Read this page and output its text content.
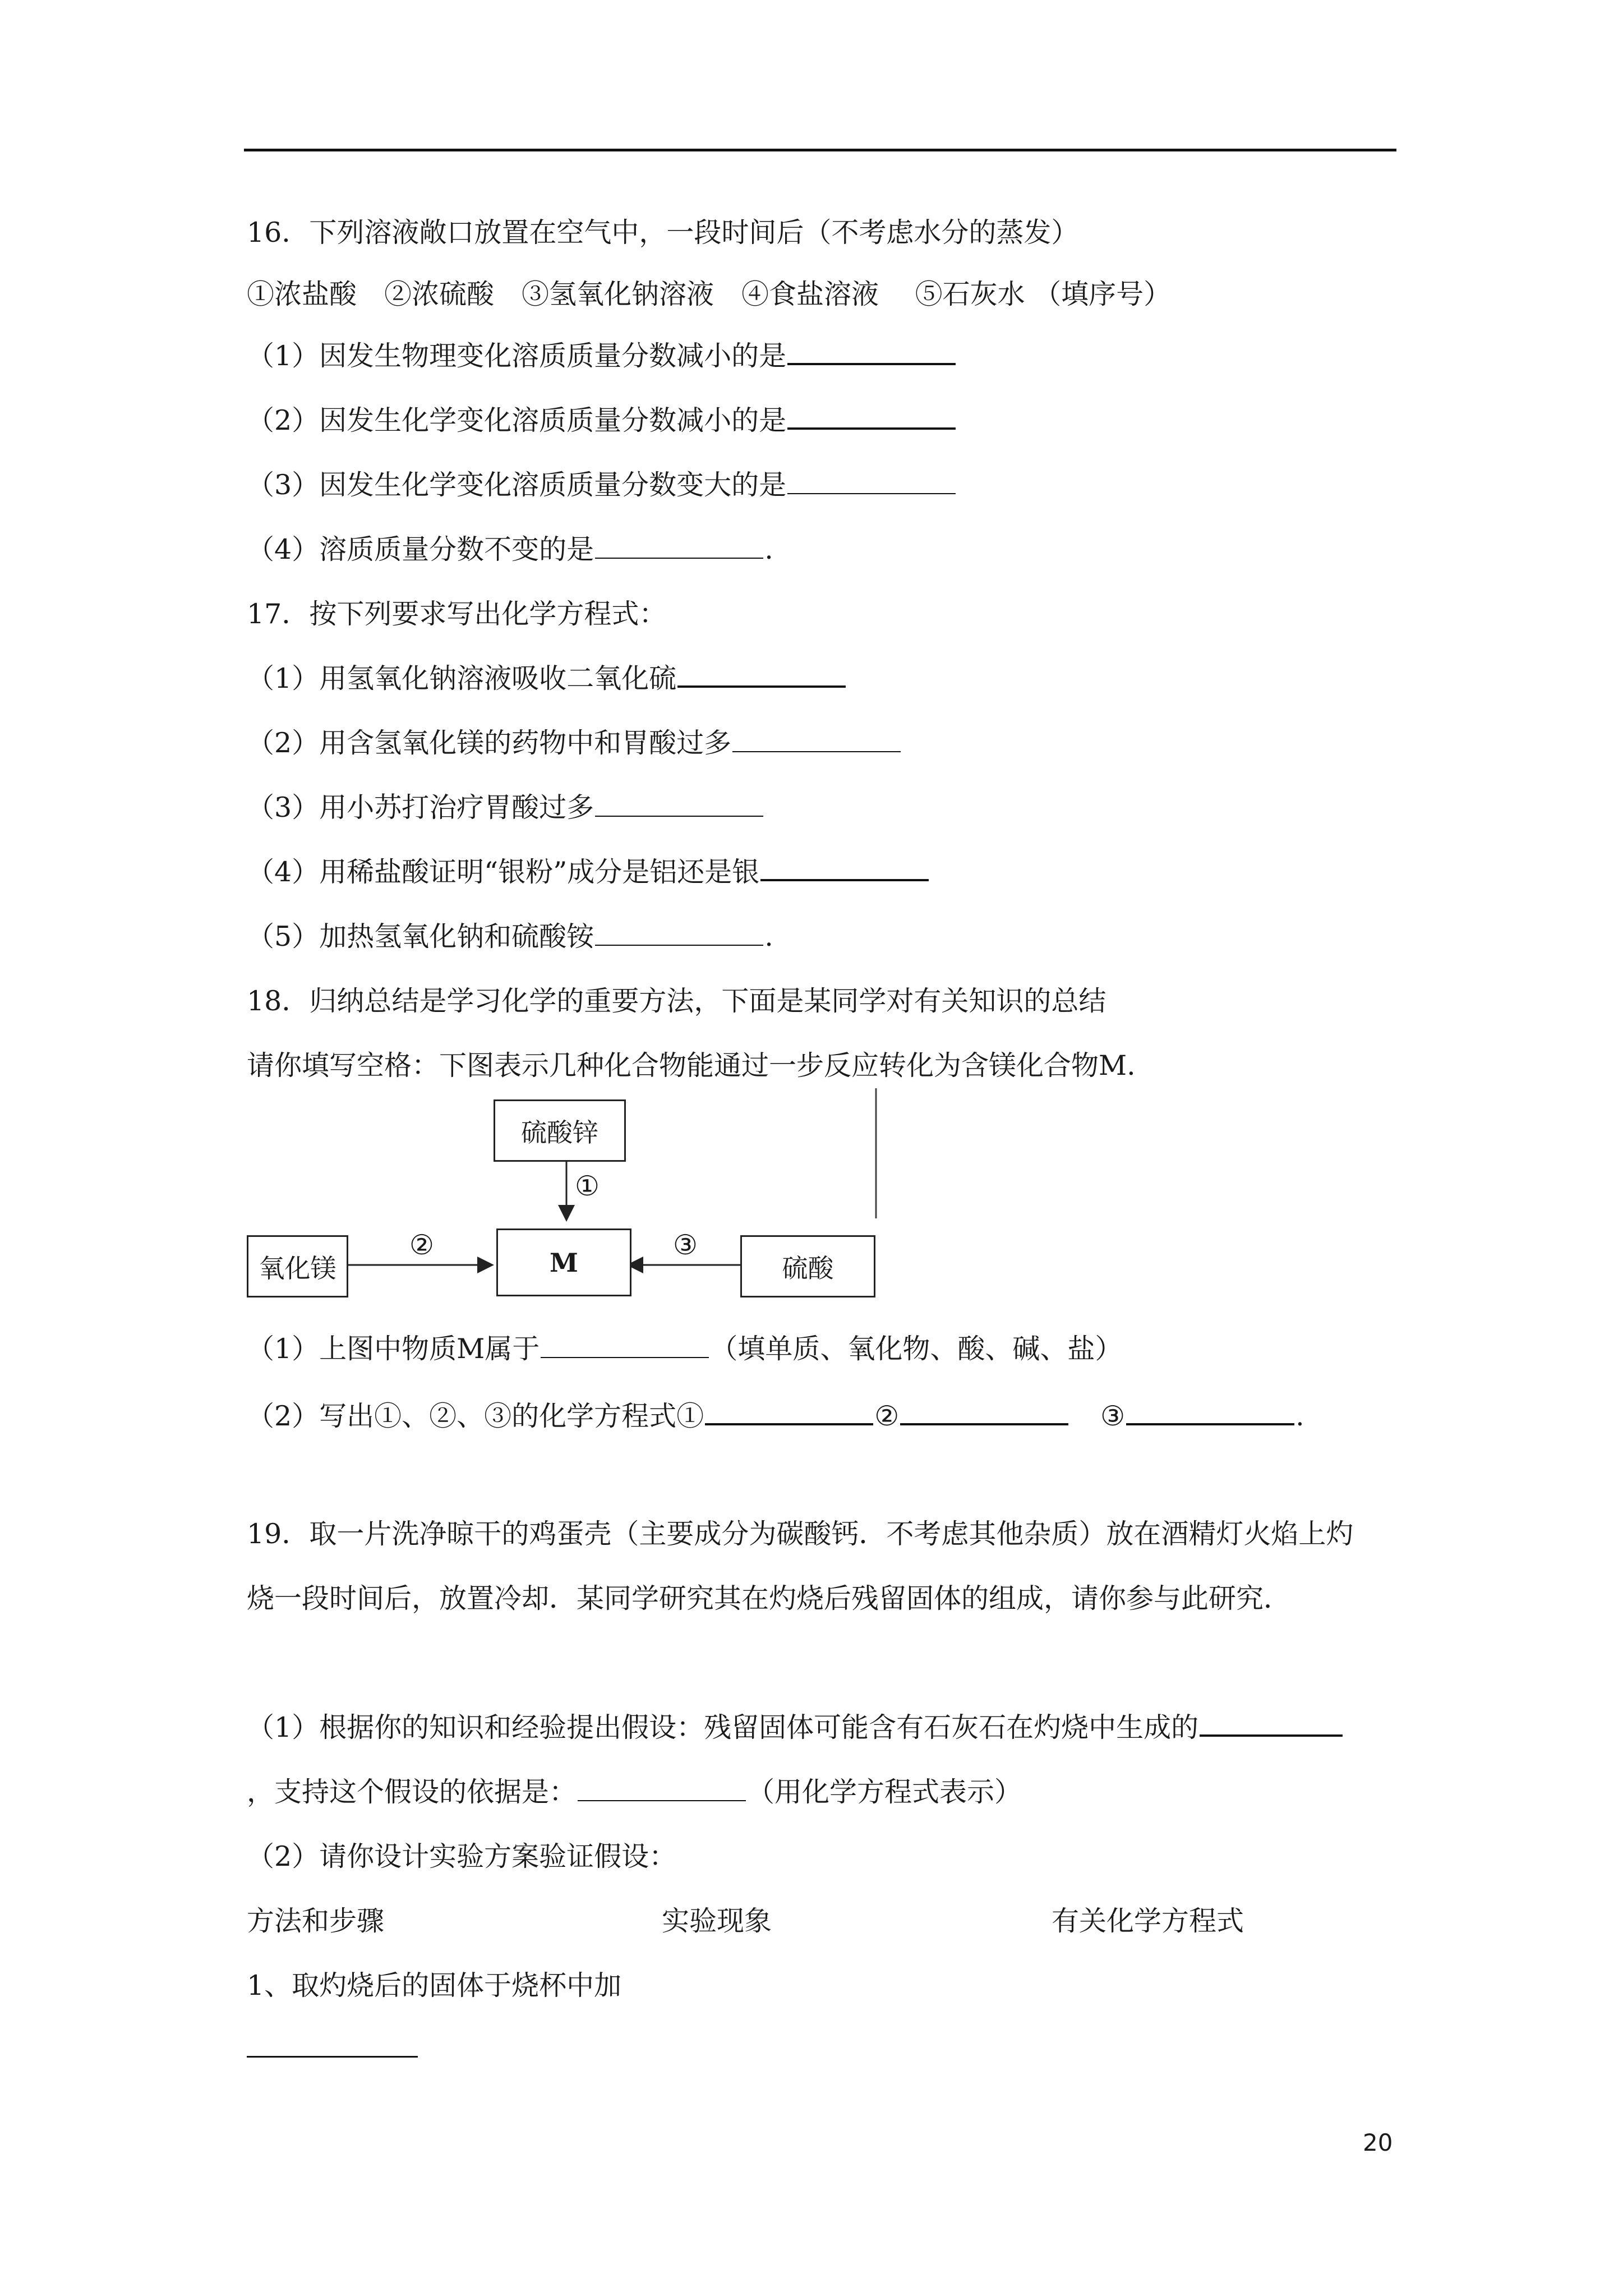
16．下列溶液敞口放置在空气中，一段时间后（不考虑水分的蒸发）
①浓盐酸　②浓硫酸　③氢氧化钠溶液　④食盐溶液　 ⑤石灰水 （填序号）
（1）因发生物理变化溶质质量分数减小的是
（2）因发生化学变化溶质质量分数减小的是
（3）因发生化学变化溶质质量分数变大的是
（4）溶质质量分数不变的是	.
17．按下列要求写出化学方程式：
（1）用氢氧化钠溶液吸收二氧化硫
（2）用含氢氧化镁的药物中和胃酸过多
（3）用小苏打治疗胃酸过多
（4）用稀盐酸证明“银粉”成分是铝还是银
（5）加热氢氧化钠和硫酸铵	.
18．归纳总结是学习化学的重要方法，下面是某同学对有关知识的总结
请你填写空格：下图表示几种化合物能通过一步反应转化为含镁化合物M.
硫酸锌
M
氧化镁	硫酸
①
②	③
（1）上图中物质M属于	（填单质、氧化物、酸、碱、盐）
（2）写出①、②、③的化学方程式①	②	③	.
19．取一片洗净晾干的鸡蛋壳（主要成分为碳酸钙．不考虑其他杂质）放在酒精灯火焰上灼
烧一段时间后，放置冷却．某同学研究其在灼烧后残留固体的组成，请你参与此研究．
（1）根据你的知识和经验提出假设：残留固体可能含有石灰石在灼烧中生成的
，支持这个假设的依据是：	（用化学方程式表示）
（2）请你设计实验方案验证假设：
方法和步骤	实验现象	有关化学方程式
1、取灼烧后的固体于烧杯中加
20
